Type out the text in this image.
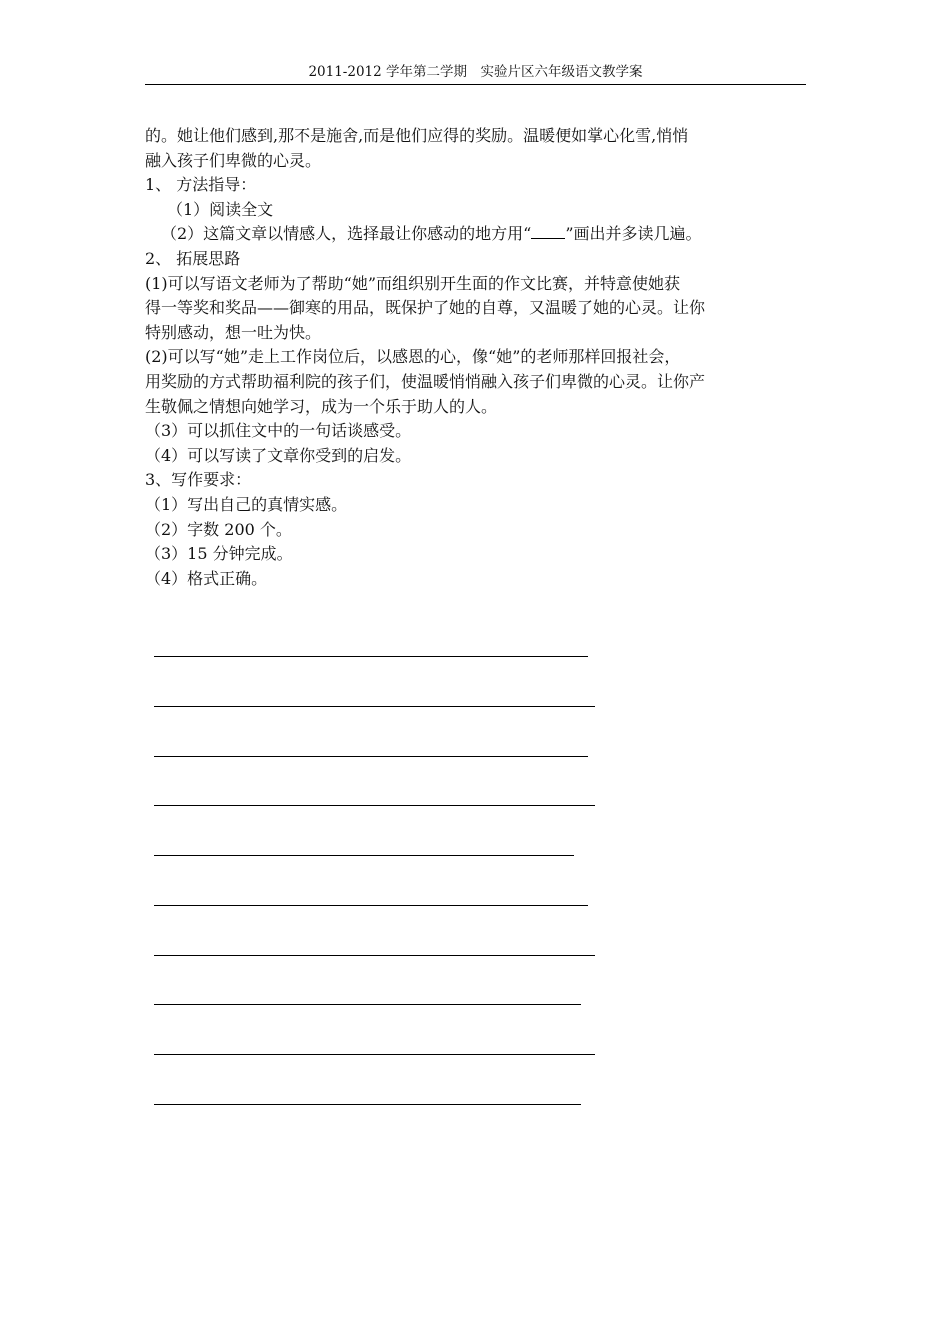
2011-2012 学年第二学期　实验片区六年级语文教学案

的。她让他们感到,那不是施舍,而是他们应得的奖励。温暖便如掌心化雪,悄悄

融入孩子们卑微的心灵。

1、 方法指导：

（1）阅读全文

（2）这篇文章以情感人，选择最让你感动的地方用“ ”画出并多读几遍。

2、 拓展思路

(1)可以写语文老师为了帮助“她”而组织别开生面的作文比赛，并特意使她获

得一等奖和奖品——御寒的用品，既保护了她的自尊，又温暖了她的心灵。让你

特别感动，想一吐为快。

(2)可以写“她”走上工作岗位后，以感恩的心，像“她”的老师那样回报社会，

用奖励的方式帮助福利院的孩子们，使温暖悄悄融入孩子们卑微的心灵。让你产

生敬佩之情想向她学习，成为一个乐于助人的人。

（3）可以抓住文中的一句话谈感受。

（4）可以写读了文章你受到的启发。

3、写作要求：

（1）写出自己的真情实感。

（2）字数 200 个。

（3）15 分钟完成。

（4）格式正确。
